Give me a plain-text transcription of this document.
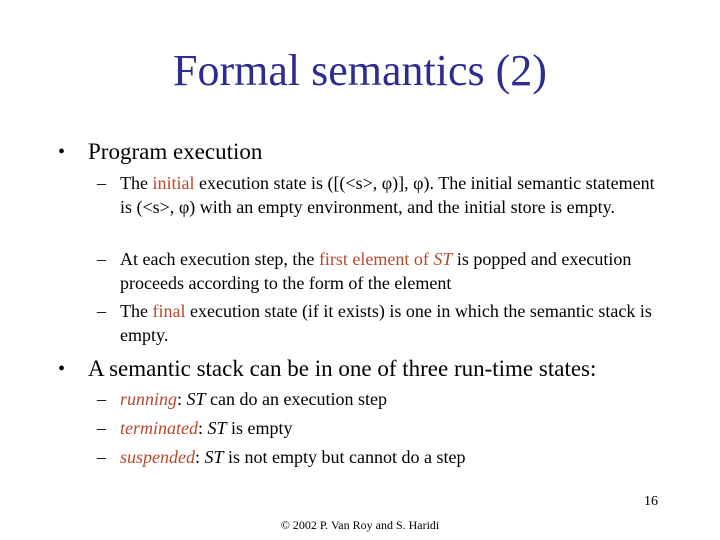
Formal semantics (2)
• Program execution
– The initial execution state is ([(<s>, φ)], φ). The initial semantic statement is (<s>, φ) with an empty environment, and the initial store is empty.
– At each execution step, the first element of ST is popped and execution proceeds according to the form of the element
– The final execution state (if it exists) is one in which the semantic stack is empty.
• A semantic stack can be in one of three run-time states:
– running: ST can do an execution step
– terminated: ST is empty
– suspended: ST is not empty but cannot do a step
16
© 2002 P. Van Roy and S. Haridi
